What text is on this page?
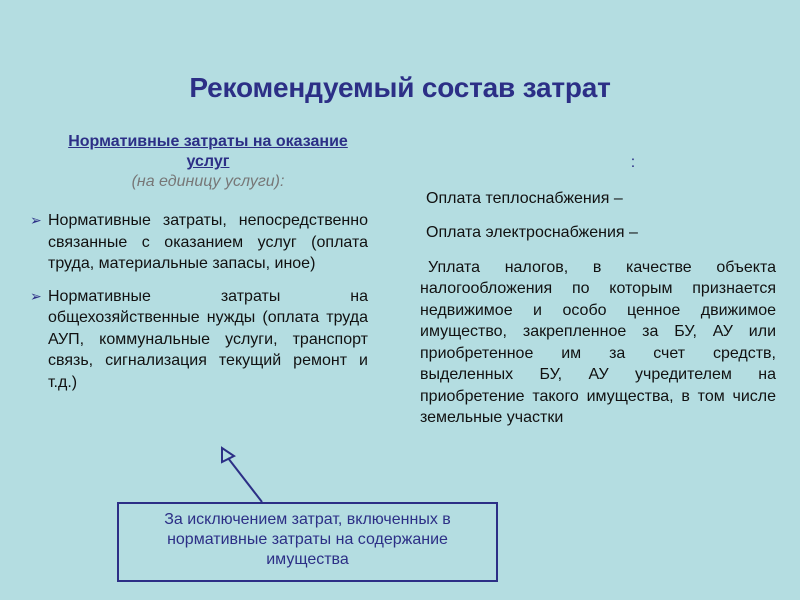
Рекомендуемый состав затрат
Нормативные затраты на оказание услуг
(на единицу услуги):
➢ Нормативные затраты, непосредственно связанные с оказанием услуг (оплата труда, материальные запасы, иное)
➢ Нормативные затраты на общехозяйственные нужды (оплата труда АУП, коммунальные услуги, транспорт связь, сигнализация текущий ремонт и т.д.)
:
Оплата теплоснабжения –
Оплата электроснабжения –
Уплата налогов, в качестве объекта налогообложения по которым признается недвижимое и особо ценное движимое имущество, закрепленное за БУ, АУ или приобретенное им за счет средств, выделенных БУ, АУ учредителем на приобретение такого имущества, в том числе земельные участки
За исключением затрат, включенных в нормативные затраты на содержание имущества
